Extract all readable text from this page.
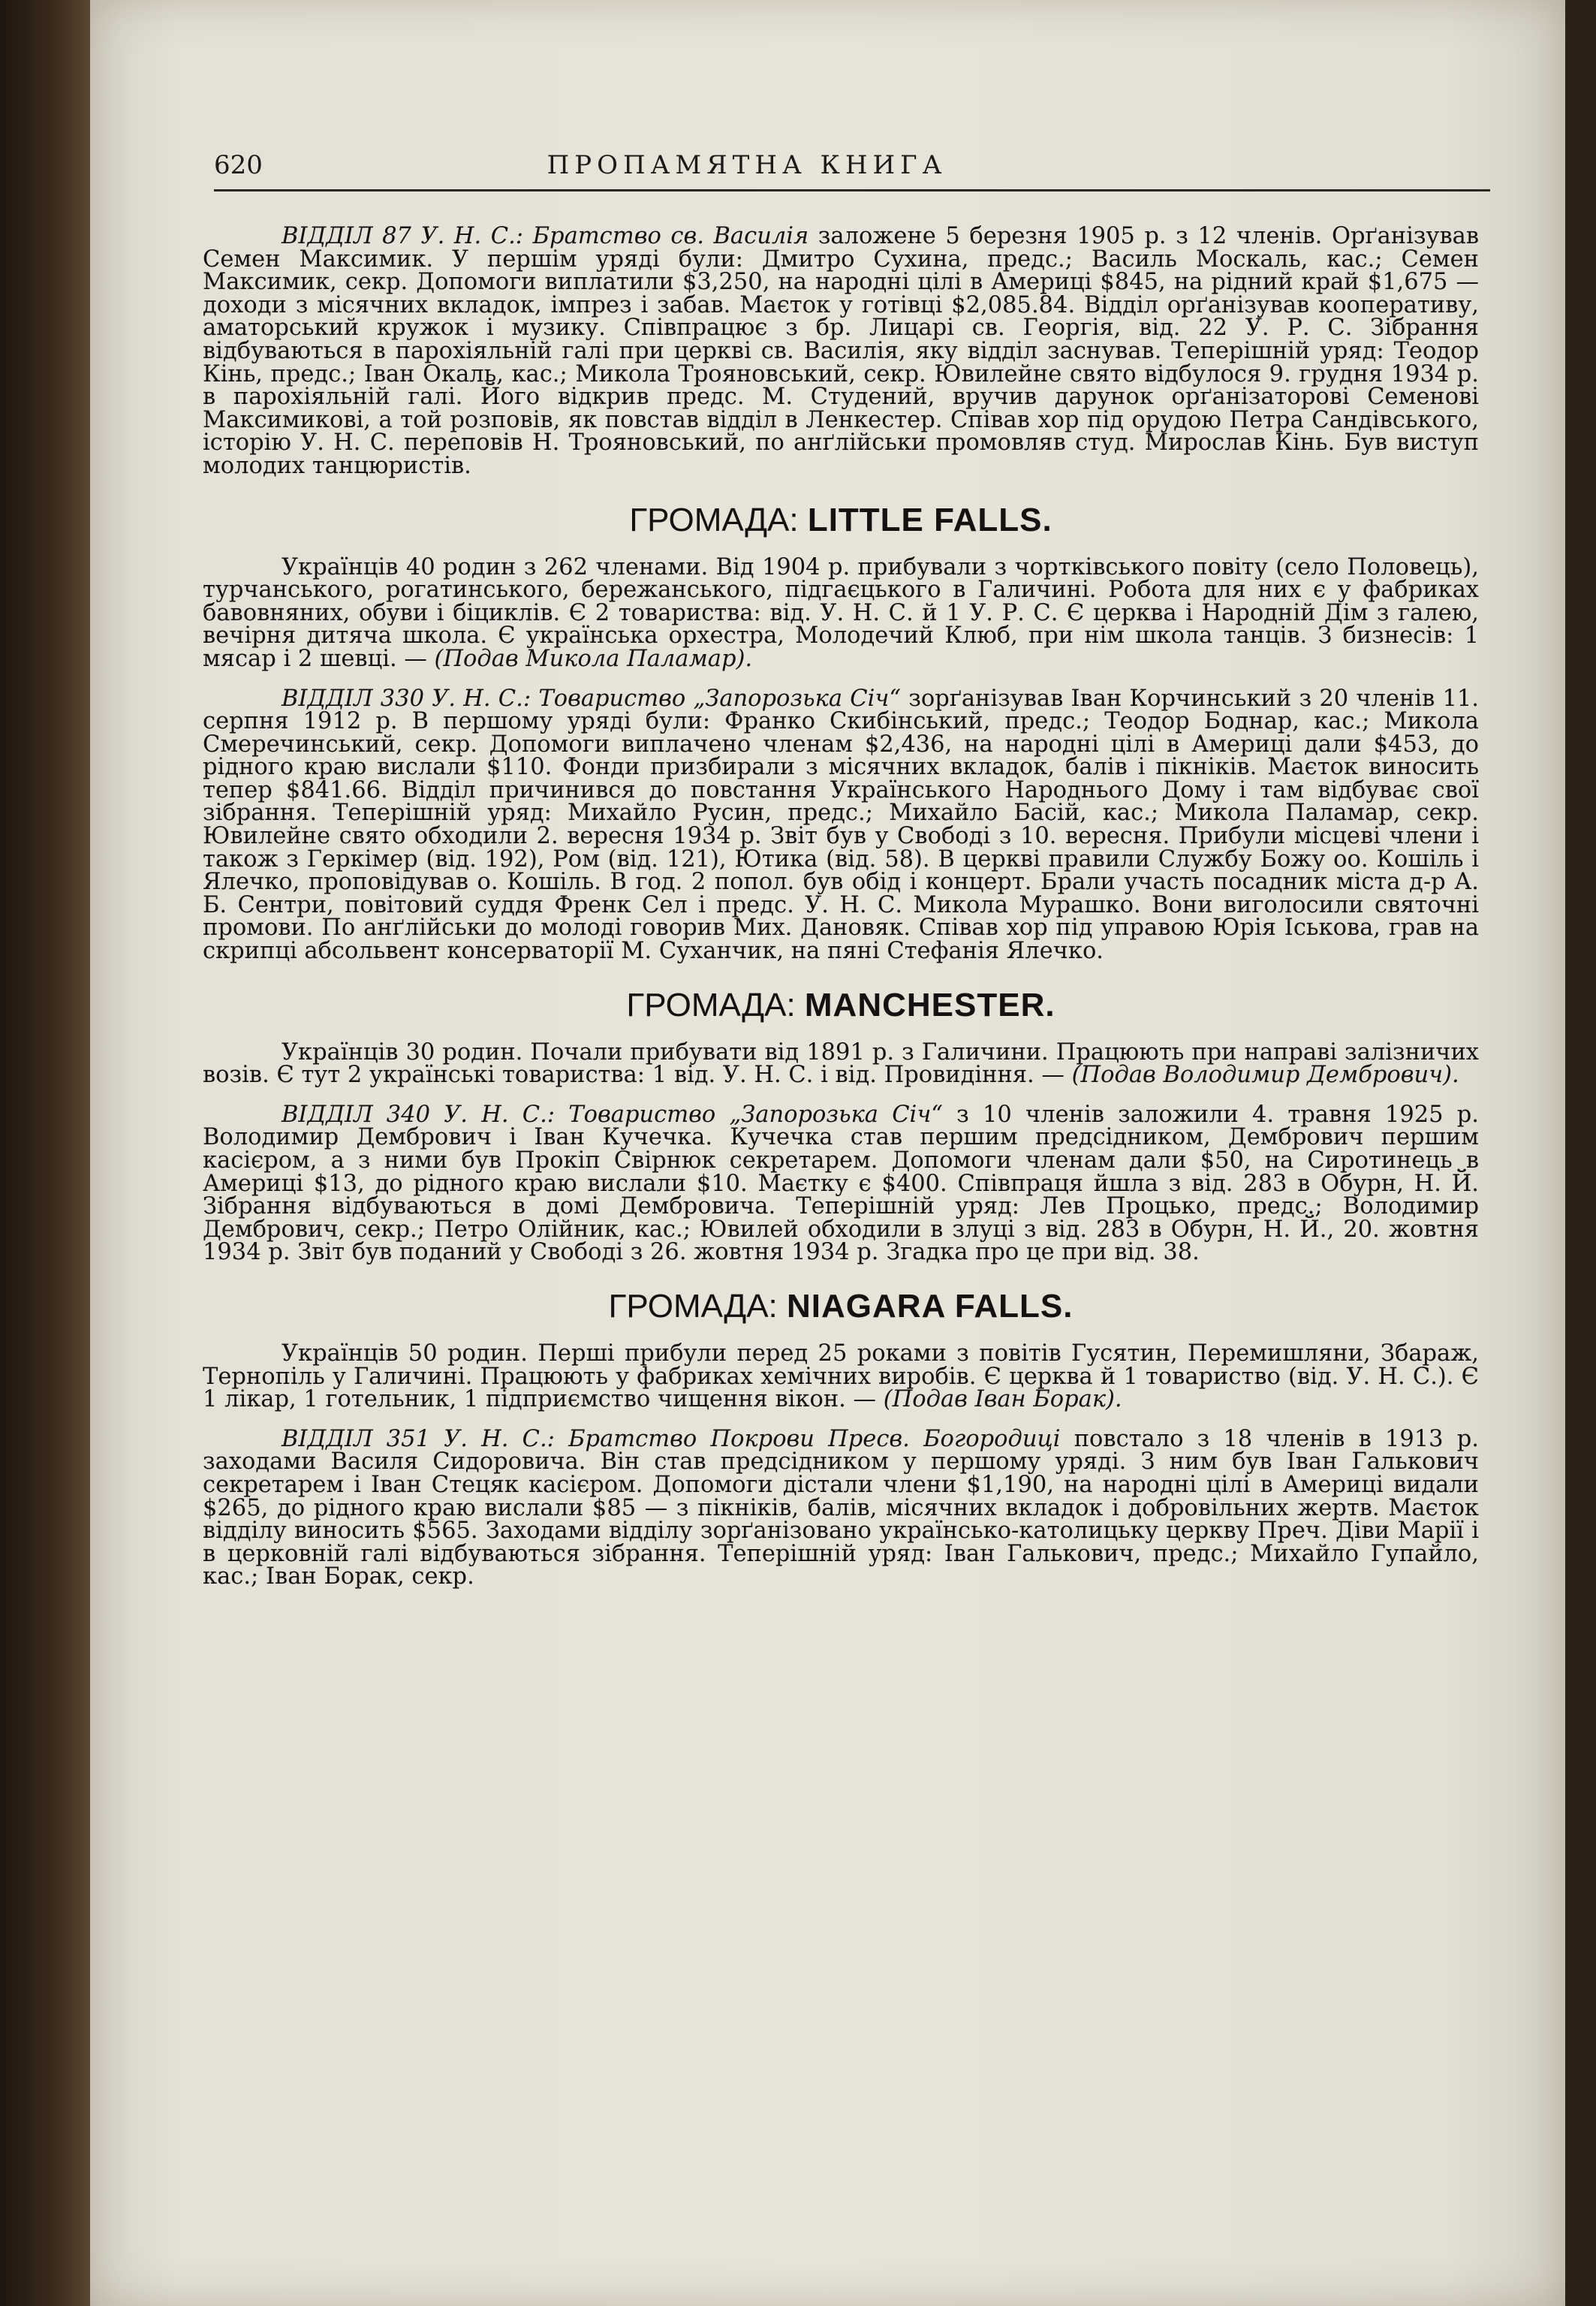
620	ПРОПАМЯТНА КНИГА

ВІДДІЛ 87 У. Н. С.: Братство св. Василія заложене 5 березня 1905 р. з 12 членів. Орґанізував Семен Максимик. У першім уряді були: Дмитро Сухина, предс.; Василь Москаль, кас.; Семен Максимик, секр. Допомоги виплатили $3,250, на народні цілі в Америці $845, на рідний край $1,675 — доходи з місячних вкладок, імпрез і забав. Маєток у готівці $2,085.84. Відділ орґанізував кооперативу, аматорський кружок і музику. Співпрацює з бр. Лицарі св. Георгія, від. 22 У. Р. С. Зібрання відбуваються в парохіяльній галі при церкві св. Василія, яку відділ заснував. Теперішній уряд: Теодор Кінь, предс.; Іван Окаль, кас.; Микола Трояновський, секр. Ювилейне свято відбулося 9. грудня 1934 р. в парохіяльній галі. Його відкрив предс. М. Студений, вручив дарунок орґанізаторові Семенові Максимикові, а той розповів, як повстав відділ в Ленкестер. Співав хор під орудою Петра Сандівського, історію У. Н. С. переповів Н. Трояновський, по анґлійськи промовляв студ. Мирослав Кінь. Був виступ молодих танцюристів.

ГРОМАДА: LITTLE FALLS.

Українців 40 родин з 262 членами. Від 1904 р. прибували з чортківського повіту (село Половець), турчанського, рогатинського, бережанського, підгаєцького в Галичині. Робота для них є у фабриках бавовняних, обуви і біциклів. Є 2 товариства: від. У. Н. С. й 1 У. Р. С. Є церква і Народній Дім з галею, вечірня дитяча школа. Є українська орхестра, Молодечий Клюб, при нім школа танців. З бизнесів: 1 мясар і 2 шевці. — (Подав Микола Паламар).

ВІДДІЛ 330 У. Н. С.: Товариство „Запорозька Січ“ зорґанізував Іван Корчинський з 20 членів 11. серпня 1912 р. В першому уряді були: Франко Скибінський, предс.; Теодор Боднар, кас.; Микола Смеречинський, секр. Допомоги виплачено членам $2,436, на народні цілі в Америці дали $453, до рідного краю вислали $110. Фонди призбирали з місячних вкладок, балів і пікніків. Маєток виносить тепер $841.66. Відділ причинився до повстання Українського Народнього Дому і там відбуває свої зібрання. Теперішній уряд: Михайло Русин, предс.; Михайло Басій, кас.; Микола Паламар, секр. Ювилейне свято обходили 2. вересня 1934 р. Звіт був у Свободі з 10. вересня. Прибули місцеві члени і також з Геркімер (від. 192), Ром (від. 121), Ютика (від. 58). В церкві правили Службу Божу оо. Кошіль і Ялечко, проповідував о. Кошіль. В год. 2 попол. був обід і концерт. Брали участь посадник міста д-р А. Б. Сентри, повітовий суддя Френк Сел і предс. У. Н. С. Микола Мурашко. Вони виголосили святочні промови. По анґлійськи до молоді говорив Мих. Дановяк. Співав хор під управою Юрія Іськова, грав на скрипці абсольвент консерваторії М. Суханчик, на пяні Стефанія Ялечко.

ГРОМАДА: MANCHESTER.

Українців 30 родин. Почали прибувати від 1891 р. з Галичини. Працюють при направі залізничих возів. Є тут 2 українські товариства: 1 від. У. Н. С. і від. Провидіння. — (Подав Володимир Дембрович).

ВІДДІЛ 340 У. Н. С.: Товариство „Запорозька Січ“ з 10 членів заложили 4. травня 1925 р. Володимир Дембрович і Іван Кучечка. Кучечка став першим предсідником, Дембрович першим касієром, а з ними був Прокіп Свірнюк секретарем. Допомоги членам дали $50, на Сиротинець в Америці $13, до рідного краю вислали $10. Маєтку є $400. Співпраця йшла з від. 283 в Обурн, Н. Й. Зібрання відбуваються в домі Дембровича. Теперішній уряд: Лев Процько, предс.; Володимир Дембрович, секр.; Петро Олійник, кас.; Ювилей обходили в злуці з від. 283 в Обурн, Н. Й., 20. жовтня 1934 р. Звіт був поданий у Свободі з 26. жовтня 1934 р. Згадка про це при від. 38.

ГРОМАДА: NIAGARA FALLS.

Українців 50 родин. Перші прибули перед 25 роками з повітів Гусятин, Перемишляни, Збараж, Тернопіль у Галичині. Працюють у фабриках хемічних виробів. Є церква й 1 товариство (від. У. Н. С.). Є 1 лікар, 1 готельник, 1 підприємство чищення вікон. — (Подав Іван Борак).

ВІДДІЛ 351 У. Н. С.: Братство Покрови Пресв. Богородиці повстало з 18 членів в 1913 р. заходами Василя Сидоровича. Він став предсідником у першому уряді. З ним був Іван Галькович секретарем і Іван Стецяк касієром. Допомоги дістали члени $1,190, на народні цілі в Америці видали $265, до рідного краю вислали $85 — з пікніків, балів, місячних вкладок і добровільних жертв. Маєток відділу виносить $565. Заходами відділу зорґанізовано українсько-католицьку церкву Преч. Діви Марії і в церковній галі відбуваються зібрання. Теперішній уряд: Іван Галькович, предс.; Михайло Гупайло, кас.; Іван Борак, секр.
